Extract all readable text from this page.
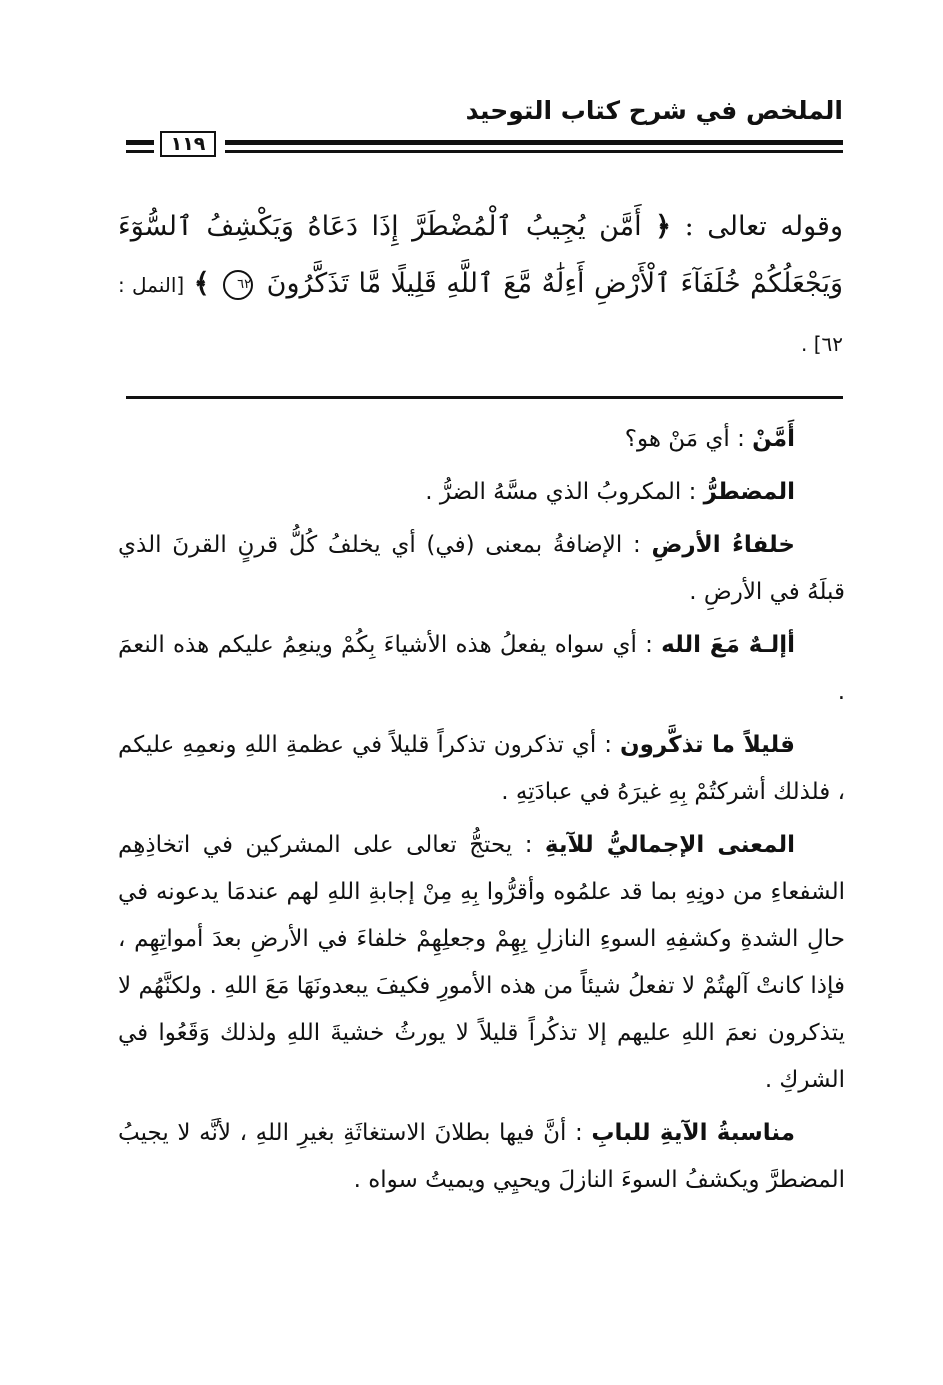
الملخص في شرح كتاب التوحيد
١١٩
وقوله تعالى : ﴿ أَمَّن يُجِيبُ ٱلْمُضْطَرَّ إِذَا دَعَاهُ وَيَكْشِفُ ٱلسُّوٓءَ وَيَجْعَلُكُمْ خُلَفَآءَ ٱلْأَرْضِ أَءِلَٰهٌ مَّعَ ٱللَّهِ قَلِيلًا مَّا تَذَكَّرُونَ ٦٢ ﴾ [النمل : ٦٢] .

أَمَّنْ : أي مَنْ هو؟

المضطرُّ : المكروبُ الذي مسَّهُ الضرُّ .

خلفاءُ الأرضِ : الإضافةُ بمعنى (في) أي يخلفُ كُلُّ قرنٍ القرنَ الذي قبلَهُ في الأرضِ .

أإلـهٌ مَعَ الله : أي سواه يفعلُ هذه الأشياءَ بِكُمْ وينعِمُ عليكم هذه النعمَ .

قليلاً ما تذكَّرون : أي تذكرون تذكراً قليلاً في عظمةِ اللهِ ونعمِهِ عليكم ، فلذلك أشركتُمْ بِهِ غيرَهُ في عبادَتِهِ .

المعنى الإجماليُّ للآيةِ : يحتجُّ تعالى على المشركين في اتخاذِهِم الشفعاءِ من دونِهِ بما قد علمُوه وأقرُّوا بِهِ مِنْ إجابةِ اللهِ لهم عندمَا يدعونه في حالِ الشدةِ وكشفِهِ السوءِ النازلِ بِهِمْ وجعلِهِمْ خلفاءَ في الأرضِ بعدَ أمواتِهِم ، فإذا كانتْ آلهتُمْ لا تفعلُ شيئاً من هذه الأمورِ فكيفَ يبعدونَهَا مَعَ اللهِ . ولكنَّهُم لا يتذكرون نعمَ اللهِ عليهم إلا تذكُراً قليلاً لا يورثُ خشيةَ اللهِ ولذلك وَقَعُوا في الشركِ .

مناسبةُ الآيةِ للبابِ : أنَّ فيها بطلانَ الاستغاثَةِ بغيرِ اللهِ ، لأنَّه لا يجيبُ المضطرَّ ويكشفُ السوءَ النازلَ ويحيِي ويميتُ سواه .
